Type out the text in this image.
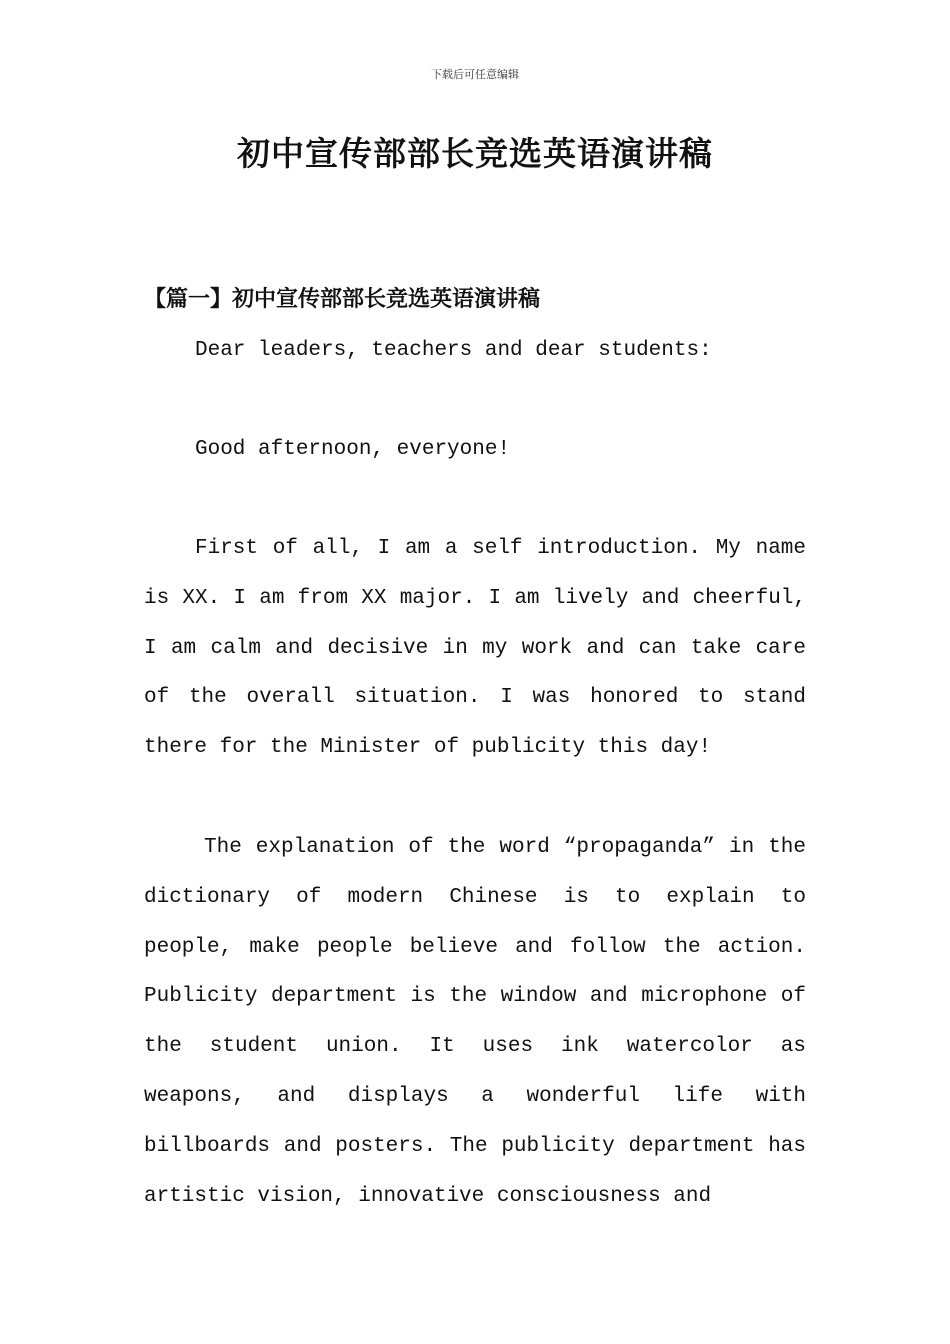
下载后可任意编辑
初中宣传部部长竞选英语演讲稿
【篇一】初中宣传部部长竞选英语演讲稿

Dear leaders, teachers and dear students:

Good afternoon, everyone!

First of all, I am a self introduction. My name is XX. I am from XX major. I am lively and cheerful, I am calm and decisive in my work and can take care of the overall situation. I was honored to stand there for the Minister of publicity this day!

The explanation of the word “propaganda” in the dictionary of modern Chinese is to explain to people, make people believe and follow the action. Publicity department is the window and microphone of the student union. It uses ink watercolor as weapons, and displays a wonderful life with billboards and posters. The publicity department has artistic vision, innovative consciousness and
